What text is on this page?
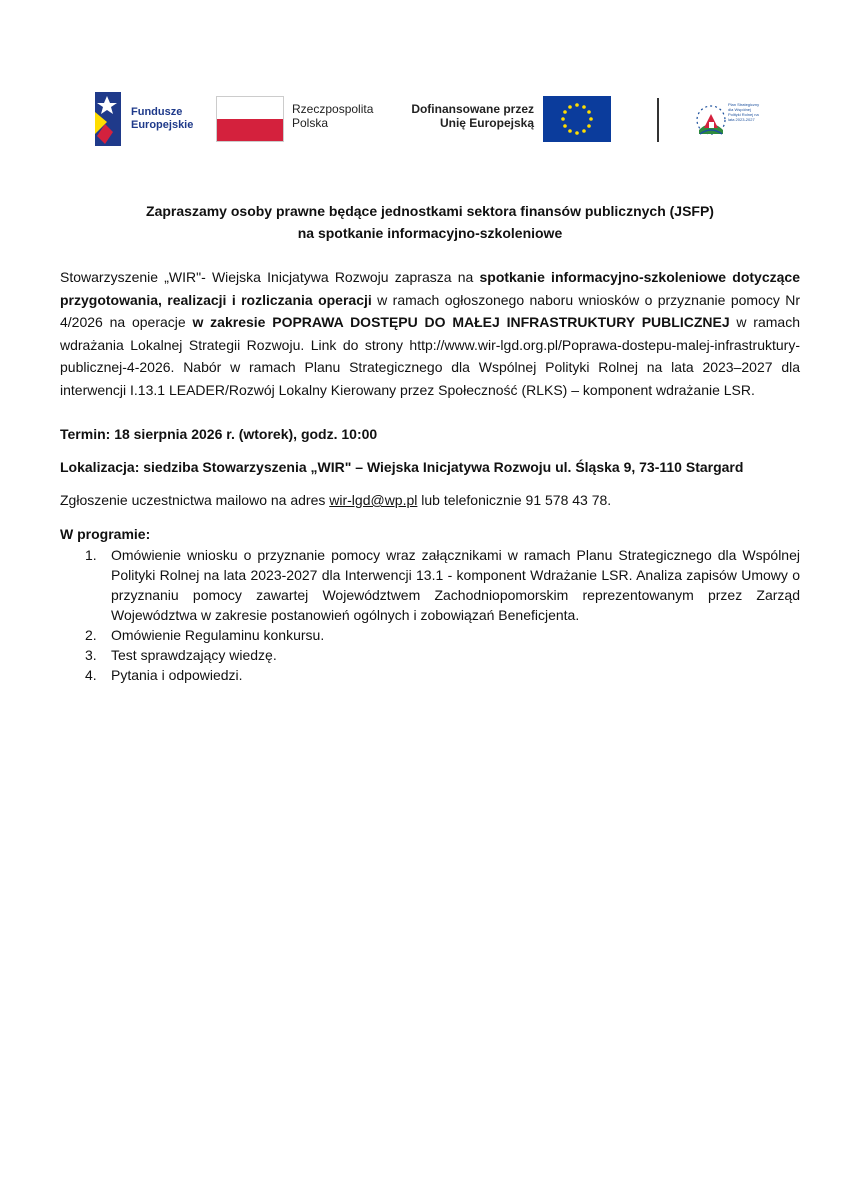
Fundusze
Europejskie
Rzeczpospolita
Polska
Dofinansowane przez
Unię Europejską
Plan Strategiczny dla Wspólnej Polityki Rolnej na lata 2023-2027
Zapraszamy osoby prawne będące jednostkami sektora finansów publicznych (JSFP)
na spotkanie informacyjno-szkoleniowe
Stowarzyszenie „WIR"- Wiejska Inicjatywa Rozwoju zaprasza na spotkanie informacyjno-szkoleniowe dotyczące przygotowania, realizacji i rozliczania operacji w ramach ogłoszonego naboru wniosków o przyznanie pomocy Nr 4/2026 na operacje w zakresie POPRAWA DOSTĘPU DO MAŁEJ INFRASTRUKTURY PUBLICZNEJ w ramach wdrażania Lokalnej Strategii Rozwoju. Link do strony http://www.wir-lgd.org.pl/Poprawa-dostepu-malej-infrastruktury-publicznej-4-2026. Nabór w ramach Planu Strategicznego dla Wspólnej Polityki Rolnej na lata 2023–2027 dla interwencji I.13.1 LEADER/Rozwój Lokalny Kierowany przez Społeczność (RLKS) – komponent wdrażanie LSR.
Termin: 18 sierpnia 2026 r. (wtorek), godz. 10:00
Lokalizacja: siedziba Stowarzyszenia „WIR" – Wiejska Inicjatywa Rozwoju ul. Śląska 9, 73-110 Stargard
Zgłoszenie uczestnictwa mailowo na adres wir-lgd@wp.pl lub telefonicznie 91 578 43 78.
W programie:
1. Omówienie wniosku o przyznanie pomocy wraz załącznikami w ramach Planu Strategicznego dla Wspólnej Polityki Rolnej na lata 2023-2027 dla Interwencji 13.1 - komponent Wdrażanie LSR. Analiza zapisów Umowy o przyznaniu pomocy zawartej Województwem Zachodniopomorskim reprezentowanym przez Zarząd Województwa w zakresie postanowień ogólnych i zobowiązań Beneficjenta.
2. Omówienie Regulaminu konkursu.
3. Test sprawdzający wiedzę.
4. Pytania i odpowiedzi.
